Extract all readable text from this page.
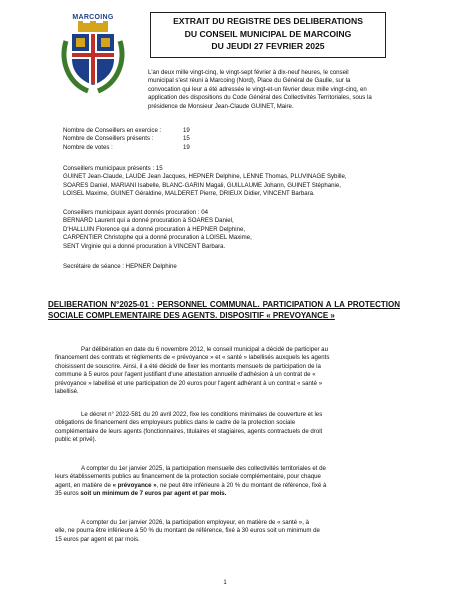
MARCOING	EXTRAIT DU REGISTRE DES DELIBERATIONS
DU CONSEIL MUNICIPAL DE MARCOING
DU JEUDI 27 FEVRIER 2025
L'an deux mille vingt-cinq, le vingt-sept février à dix-neuf heures, le conseil
municipal s'est réuni à Marcoing (Nord), Place du Général de Gaulle, sur la
convocation qui leur a été adressée le vingt-et-un février deux mille vingt-cinq, en
application des dispositions du Code Général des Collectivités Territoriales, sous la
présidence de Monsieur Jean-Claude GUINET, Maire.
Nombre de Conseillers en exercice :	19
Nombre de Conseillers présents :	15
Nombre de votes :	19
Conseillers municipaux présents : 15
GUINET Jean-Claude, LAUDE Jean Jacques, HEPNER Delphine, LENNE Thomas, PLUVINAGE Sybille,
SOARES Daniel, MARIANI Isabelle, BLANC-GARIN Magali, GUILLAUME Johann, GUINET Stéphanie,
LOISEL Maxime, GUINET Géraldine, MALDERET Pierre, DRIEUX Didier, VINCENT Barbara.
Conseillers municipaux ayant donnés procuration : 04
BERNARD Laurent qui a donné procuration à SOARES Daniel,
D'HALLUIN Florence qui a donné procuration à HEPNER Delphine,
CARPENTIER Christophe qui a donné procuration à LOISEL Maxime,
SENT Virginie qui a donné procuration à VINCENT Barbara.
Secrétaire de séance : HEPNER Delphine
DELIBERATION N°2025-01 : PERSONNEL COMMUNAL. PARTICIPATION A LA PROTECTION SOCIALE COMPLEMENTAIRE DES AGENTS. DISPOSITIF « PREVOYANCE »
Par délibération en date du 6 novembre 2012, le conseil municipal a décidé de participer au
financement des contrats et règlements de « prévoyance » et « santé » labellisés auxquels les agents
choisissent de souscrire. Ainsi, il a été décidé de fixer les montants mensuels de participation de la
commune à 5 euros pour l'agent justifiant d'une attestation annuelle d'adhésion à un contrat de «
prévoyance » labellisé et une participation de 20 euros pour l'agent adhérant à un contrat « santé »
labellisé.
Le décret n° 2022-581 du 20 avril 2022, fixe les conditions minimales de couverture et les
obligations de financement des employeurs publics dans le cadre de la protection sociale
complémentaire de leurs agents (fonctionnaires, titulaires et stagiaires, agents contractuels de droit
public et privé).
A compter du 1er janvier 2025, la participation mensuelle des collectivités territoriales et de
leurs établissements publics au financement de la protection sociale complémentaire, pour chaque
agent, en matière de « prévoyance », ne peut être inférieure à 20 % du montant de référence, fixé à
35 euros soit un minimum de 7 euros par agent et par mois.
A compter du 1er janvier 2026, la participation employeur, en matière de « santé », à
elle, ne pourra être inférieure à 50 % du montant de référence, fixé à 30 euros soit un minimum de
15 euros par agent et par mois.
1
